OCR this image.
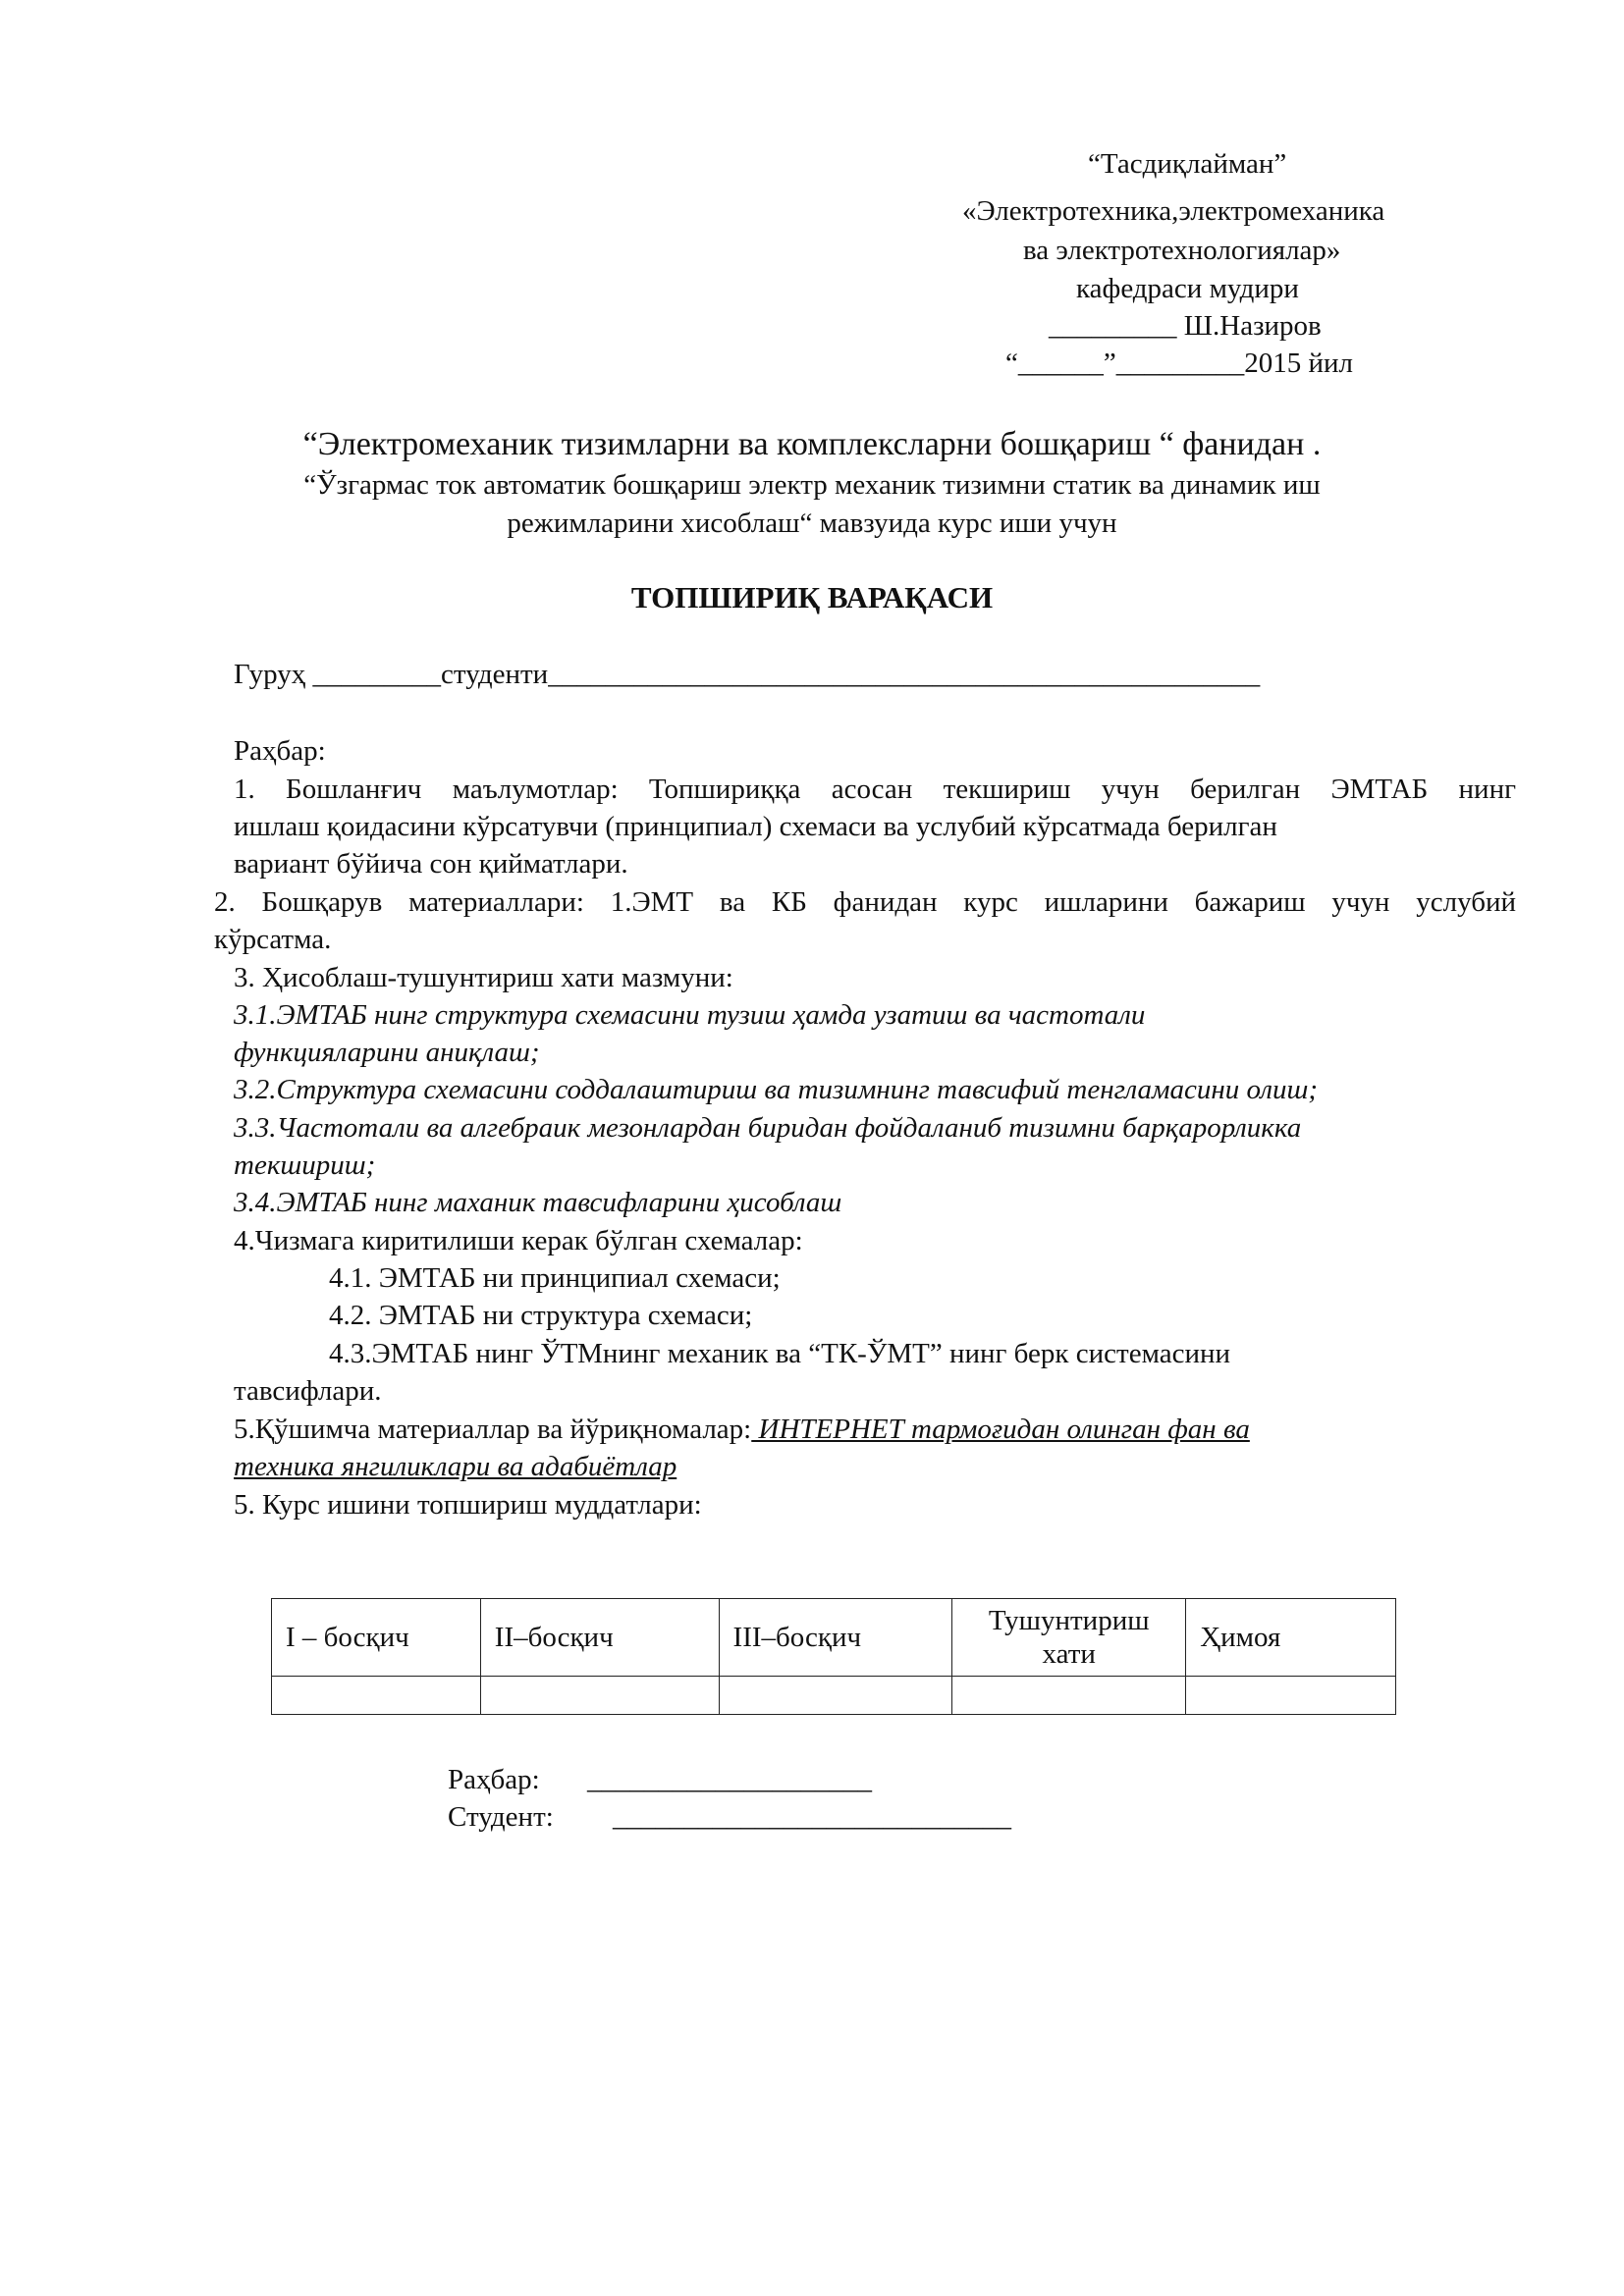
“Тасдиқлайман”
«Электротехника,электромеханика
ва электротехнологиялар»
кафедраси мудири
_________ Ш.Назиров
“______”_________2015 йил
“Электромеханик тизимларни ва комплексларни бошқариш “ фанидан .
“Ўзгармас ток автоматик бошқариш электр механик тизимни статик ва динамик иш
режимларини хисоблаш“ мавзуида курс иши учун
ТОПШИРИҚ ВАРАҚАСИ
Гуруҳ _________студенти__________________________________________________
Раҳбар:
1. Бошланғич маълумотлар: Топшириққа асосан текшириш учун берилган ЭМТАБ нинг
ишлаш қоидасини кўрсатувчи (принципиал) схемаси ва услубий кўрсатмада берилган
вариант бўйича сон қийматлари.
2. Бошқарув материаллари: 1.ЭМТ ва КБ фанидан курс ишларини бажариш учун услубий
кўрсатма.
3. Ҳисоблаш-тушунтириш хати мазмуни:
3.1.ЭМТАБ нинг структура схемасини тузиш ҳамда узатиш ва частотали
функцияларини аниқлаш;
3.2.Структура схемасини соддалаштириш ва тизимнинг тавсифий тенгламасини олиш;
3.3.Частотали ва алгебраик мезонлардан биридан фойдаланиб тизимни барқарорликка
текшириш;
3.4.ЭМТАБ нинг маханик тавсифларини ҳисоблаш
4.Чизмага киритилиши керак бўлган схемалар:
4.1. ЭМТАБ ни принципиал схемаси;
4.2. ЭМТАБ ни структура схемаси;
4.3.ЭМТАБ нинг ЎТМнинг механик ва “ТК-ЎМТ” нинг берк системасини
тавсифлари.
5.Қўшимча материаллар ва йўриқномалар: ИНТЕРНЕТ тармоғидан олинган фан ва
техника янгиликлари ва адабиётлар
5. Курс ишини топшириш муддатлари:
I – босқич	II–босқич	III–босқич	Тушунтириш хати	Ҳимоя

Раҳбар: ____________________
Студент: ____________________________
